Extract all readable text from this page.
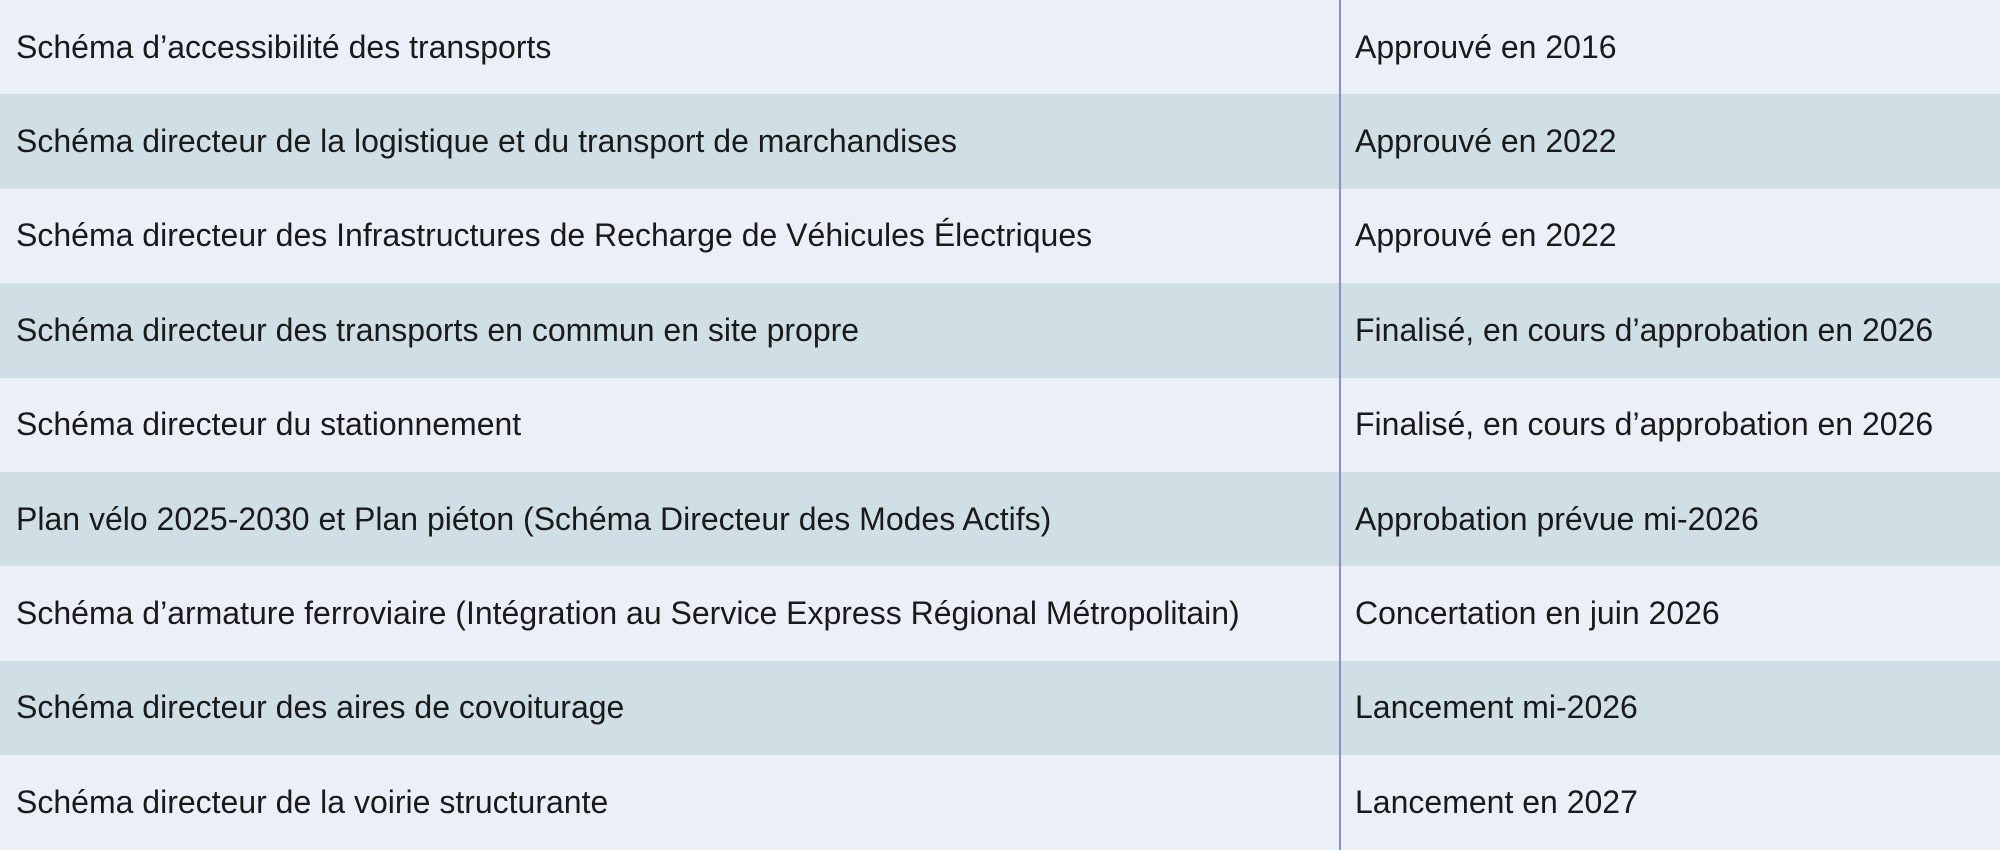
Schéma d’accessibilité des transports	Approuvé en 2016
Schéma directeur de la logistique et du transport de marchandises	Approuvé en 2022
Schéma directeur des Infrastructures de Recharge de Véhicules Électriques	Approuvé en 2022
Schéma directeur des transports en commun en site propre	Finalisé, en cours d’approbation en 2026
Schéma directeur du stationnement	Finalisé, en cours d’approbation en 2026
Plan vélo 2025-2030 et Plan piéton (Schéma Directeur des Modes Actifs)	Approbation prévue mi-2026
Schéma d’armature ferroviaire (Intégration au Service Express Régional Métropolitain)	Concertation en juin 2026
Schéma directeur des aires de covoiturage	Lancement mi-2026
Schéma directeur de la voirie structurante	Lancement en 2027
